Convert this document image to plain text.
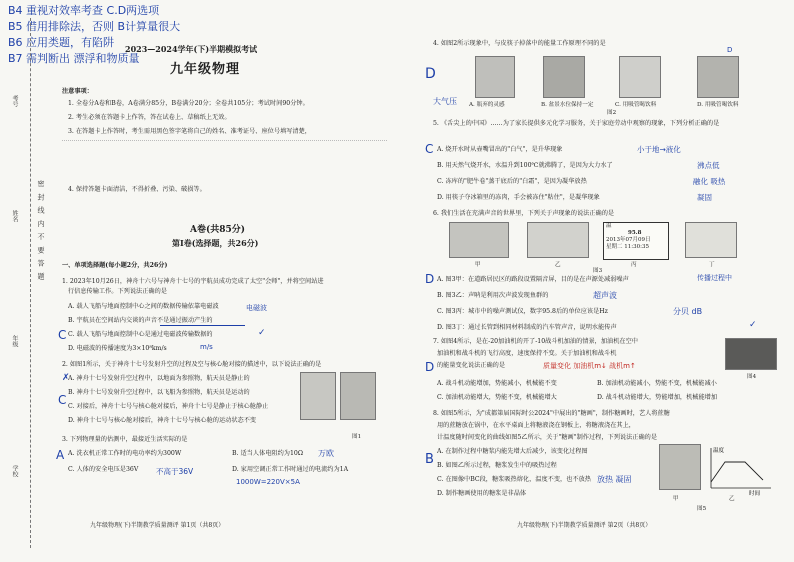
B4 重视对效率考查 C.D两选项
B5 借用排除法，否则 B计算量很大
B6 应用类题，有陷阱
B7 需判断出 漂浮和物质量
考号
姓名
年级
学校
密 封 线 内 不 要 答 题
2023—2024学年(下)半期模拟考试
九年级物理
注意事项：
1. 全卷分A卷和B卷，A卷满分85分，B卷满分20分；全卷共105分；考试时间90分钟。
2. 考生必须在答题卡上作答，答在试卷上、草稿纸上无效。
3. 在答题卡上作答时，考生需用黑色签字笔将自己的姓名、准考证号、座位号填写清楚，
4. 保持答题卡面清洁，不得折叠、污染、破损等。
A卷(共85分)
第Ⅰ卷(选择题，共26分)
一、单项选择题(每小题2分，共26分)
1. 2023年10月26日，神舟十六号与神舟十七号的宇航员成功完成了太空"会师"，并将空间站进
行信息传输工作。下列说法正确的是
A. 载人飞船与地面控制中心之间的数据传输依靠电磁波	电磁波
B. 宇航员在空间站内交谈的声音不是通过振动产生的
C C. 载人飞船与地面控制中心是通过电磁波传输数据的	✓
D. 电磁波的传播速度为3×10⁸km/s	m/s
2. 如图1所示，关于神舟十七号发射升空的过程及空与核心舱对接的描述中，以下说法正确的是
A. 神舟十七号发射升空过程中，以地面为参照物，航天员是静止的
B. 神舟十七号发射升空过程中，以飞船为参照物，航天员是运动的
C C. 对接后，神舟十七号与核心舱对接后，神舟十七号是静止于核心舱静止
D. 神舟十七号与核心舱对接后，神舟十七号与核心舱的运动状态不变
✗
图1
3. 下列物理量的估测中，最接近生活实际的是
A A. 洗衣机正常工作时的电功率约为300W	B. 适当人体电阻约为10Ω 万欧
C. 人体的安全电压是36V 不高于36V	D. 家用空调正常工作时通过的电流约为1A
1000W=220V×5A
九年级物理(下)半期教学质量测评 第1页（共8页）
4. 如图2所示现象中，与皮筷子掉落中的能量工作原理不同的是
D
D
大气压 A. 瓶弃的灵感	B. 盆景水位保持一定	C. 用吸管喝饮料	D. 用吸管喝饮料
图2
5. 《舌尖上的中国》……为了家长提供多元化学习服务，关于家庭劳动中观察的现象，下列分析正确的是
C A. 烧开水时从壶嘴冒出的"白气"，是升华现象	小于地→液化
B. 用天然气烧开水，水温升到100℃就沸腾了，是因为大力水了	沸点低
C. 冻库的"肥牛卷"蒸干底后的"白霜"，是因为凝华放热	融化 吸热
D. 用筷子夺冰箱里的冻肉，手会被冻住"粘住"，是凝华现象	凝固
6. 我们生活在充满声音的世界里，下列关于声现象的说法正确的是
温
95.8
2013年07月09日
星期二 11:30:35
甲	乙	丙	丁
图3
D A. 图3甲：在道路居民区的路段设置隔音屏，目的是在声源处减弱噪声	传播过程中
B. 图3乙：声呐是利用次声波发现鱼群的	超声波
C. 图3丙：城市中的噪声测试仪，数字95.8后的单位应该是Hz	分贝 dB
D. 图3丁：通过长管到相同材料制成的汽车管声音，说明水能传声	✓
7. 如图4所示，是在-20加油机的开了-10战斗机加油的情景，加油机在空中
加油机和战斗机的飞行高度，速度保持不变。关于加油机和战斗机
的能量变化说法正确的是	质量变化 加油机m↓ 战机m↑
D
图4
A. 战斗机动能增加，势能减小，机械能不变	B. 加油机动能减小，势能不变，机械能减小
C. 加油机动能增大，势能不变，机械能增大	D. 战斗机动能增大，势能增加，机械能增加
8. 如图5所示，为"成都第届国际时公2024"中展出的"糖画"，制作糖画时，艺人将蔗糖
用的蔗糖放在锅中，在水平桌面上将糖液浇在钢板上，将糖液浇在其上，
计温度随时间变化的曲线如图5乙所示，关于"糖画"制作过程，下列说法正确的是
B
A. 在制作过程中糖浆内能先增大后减少，该变化过程图
B. 如图乙所示过程，糖浆发生中的吸热过程
C. 在图像中BC段，糖浆吸热熔化，温度不变，也不放热 放热 凝固
D. 制作糖画使用的糖浆是非晶体
温度
时间
甲	乙
图5
九年级物理(下)半期教学质量测评 第2页（共8页）
